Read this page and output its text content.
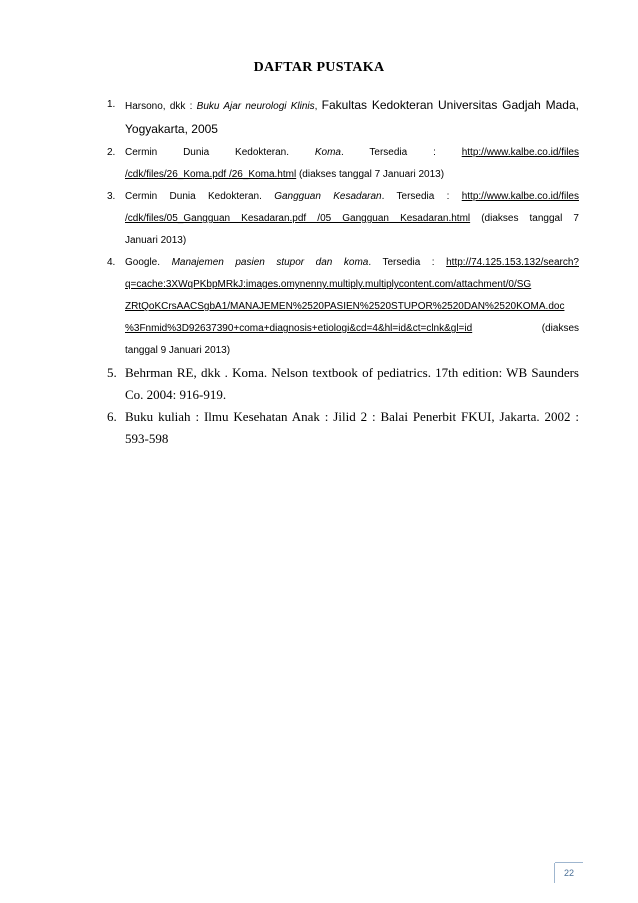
DAFTAR PUSTAKA
1. Harsono, dkk : Buku Ajar neurologi Klinis, Fakultas Kedokteran Universitas Gadjah Mada,
Yogyakarta, 2005
2. Cermin   Dunia   Kedokteran.   Koma.   Tersedia   :   http://www.kalbe.co.id/files
/cdk/files/26_Koma.pdf /26_Koma.html (diakses tanggal 7 Januari 2013)
3. Cermin Dunia Kedokteran. Gangguan Kesadaran. Tersedia : http://www.kalbe.co.id/files
/cdk/files/05_Gangguan Kesadaran.pdf /05 Gangguan Kesadaran.html (diakses tanggal 7
Januari 2013)
4. Google. Manajemen pasien stupor dan koma. Tersedia : http://74.125.153.132/search?
q=cache:3XWqPKbpMRkJ:images.omynenny.multiply.multiplycontent.com/attachment/0/SG
ZRtQoKCrsAACSgbA1/MANAJEMEN%2520PASIEN%2520STUPOR%2520DAN%2520KOMA.doc
%3Fnmid%3D92637390+coma+diagnosis+etiologi&cd=4&hl=id&ct=clnk&gl=id      (diakses
tanggal 9 Januari 2013)
5. Behrman RE, dkk . Koma. Nelson textbook of pediatrics. 17th edition: WB Saunders
Co. 2004: 916-919.
6. Buku kuliah : Ilmu Kesehatan Anak : Jilid 2 : Balai Penerbit FKUI, Jakarta. 2002 :
593-598
22
